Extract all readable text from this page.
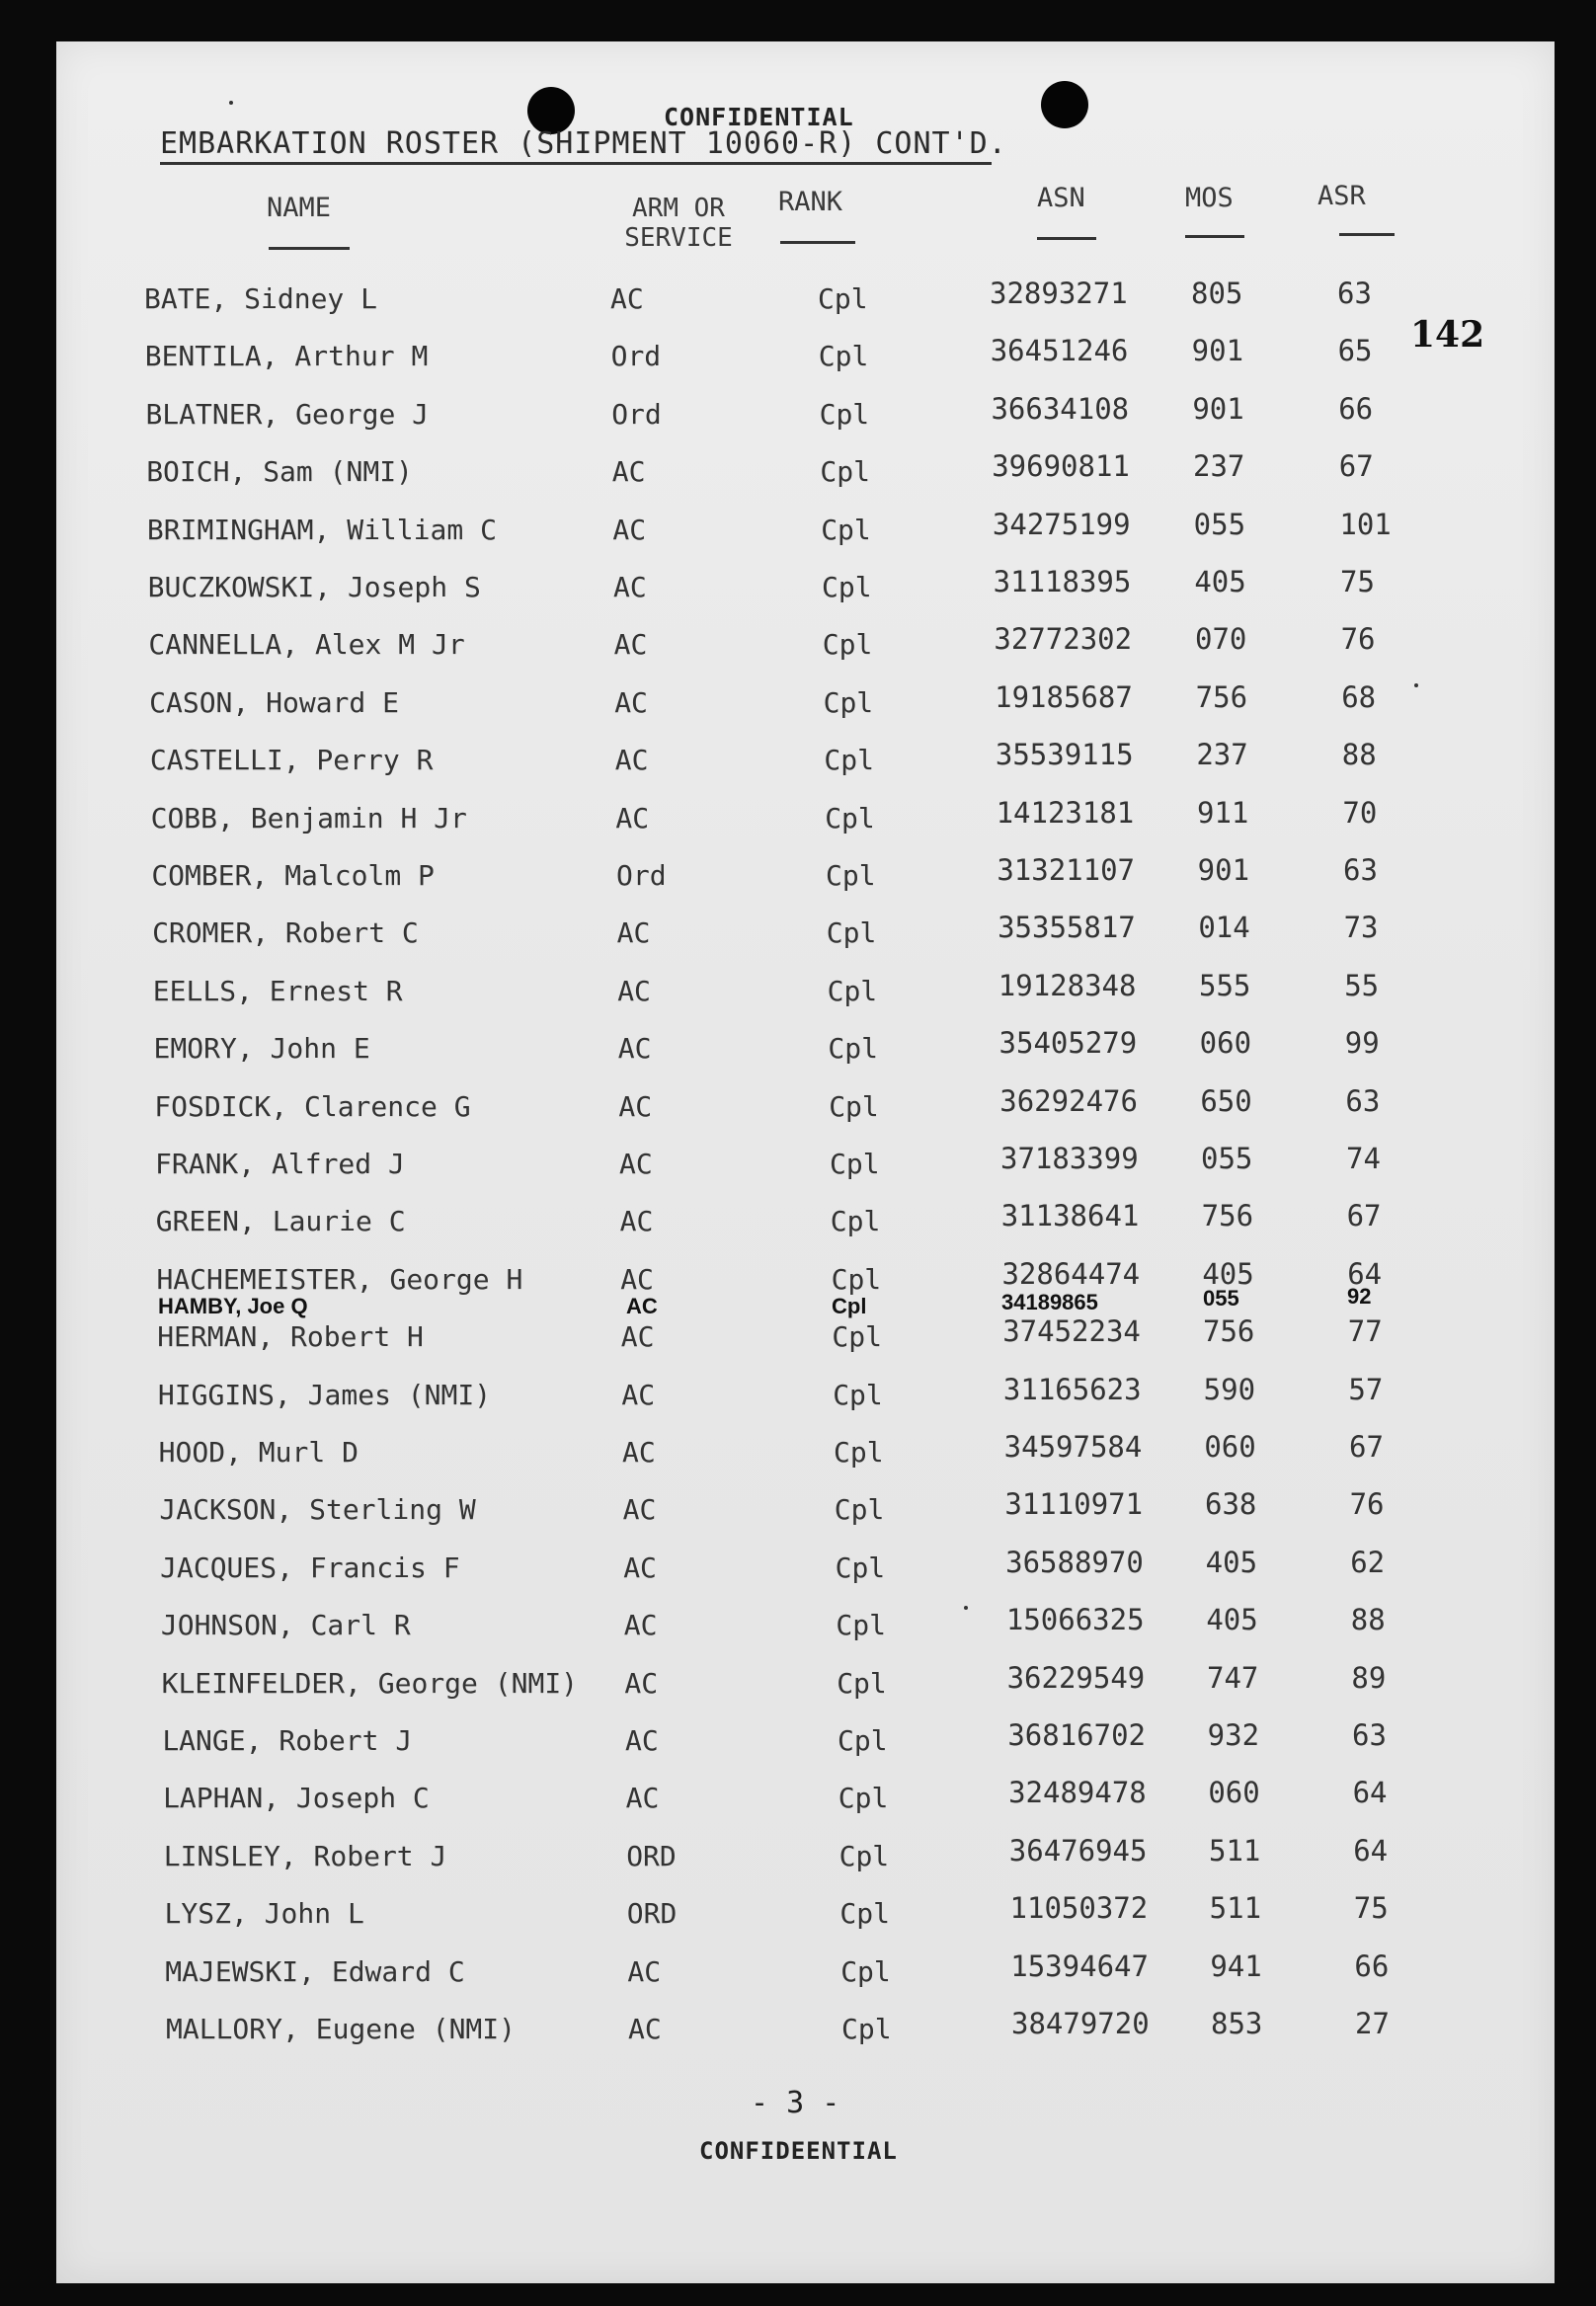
CONFIDENTIAL
EMBARKATION ROSTER (SHIPMENT 10060-R) CONT'D.
142
NAME	ARM OR SERVICE
RANK	ASN	MOS	ASR
BATE, Sidney L	AC	Cpl	32893271 805	63
BENTILA, Arthur M	Ord	Cpl	36451246 901	65
BLATNER, George J	Ord	Cpl	36634108 901	66
BOICH, Sam (NMI)	AC	Cpl	39690811 237	67
BRIMINGHAM, William C	AC	Cpl	34275199 055	101
BUCZKOWSKI, Joseph S	AC	Cpl	31118395 405	75
CANNELLA, Alex M Jr	AC	Cpl	32772302 070	76
CASON, Howard E	AC	Cpl	19185687 756	68
CASTELLI, Perry R	AC	Cpl	35539115 237	88
COBB, Benjamin H Jr	AC	Cpl	14123181 911	70
COMBER, Malcolm P	Ord	Cpl	31321107 901	63
CROMER, Robert C	AC	Cpl	35355817 014	73
EELLS, Ernest R	AC	Cpl	19128348 555	55
EMORY, John E	AC	Cpl	35405279 060	99
FOSDICK, Clarence G	AC	Cpl	36292476 650	63
FRANK, Alfred J	AC	Cpl	37183399 055	74
GREEN, Laurie C	AC	Cpl	31138641 756	67
HACHEMEISTER, George H	AC	Cpl	32864474 405	64
HERMAN, Robert H	AC	Cpl	37452234 756	77
HIGGINS, James (NMI)	AC	Cpl	31165623 590	57
HOOD, Murl D	AC	Cpl	34597584 060	67
JACKSON, Sterling W	AC	Cpl	31110971 638	76
JACQUES, Francis F	AC	Cpl	36588970 405	62
JOHNSON, Carl R	AC	Cpl	15066325 405	88
KLEINFELDER, George (NMI) AC	Cpl	36229549 747	89
LANGE, Robert J	AC	Cpl	36816702 932	63
LAPHAN, Joseph C	AC	Cpl	32489478 060	64
LINSLEY, Robert J	ORD	Cpl	36476945 511	64
LYSZ, John L	ORD	Cpl	11050372 511	75
MAJEWSKI, Edward C	AC	Cpl	15394647 941	66
MALLORY, Eugene (NMI)	AC	Cpl	38479720 853	27
HAMBY, Joe Q	AC	Cpl	34189865	055	92
- 3 -
CONFIDEENTIAL
